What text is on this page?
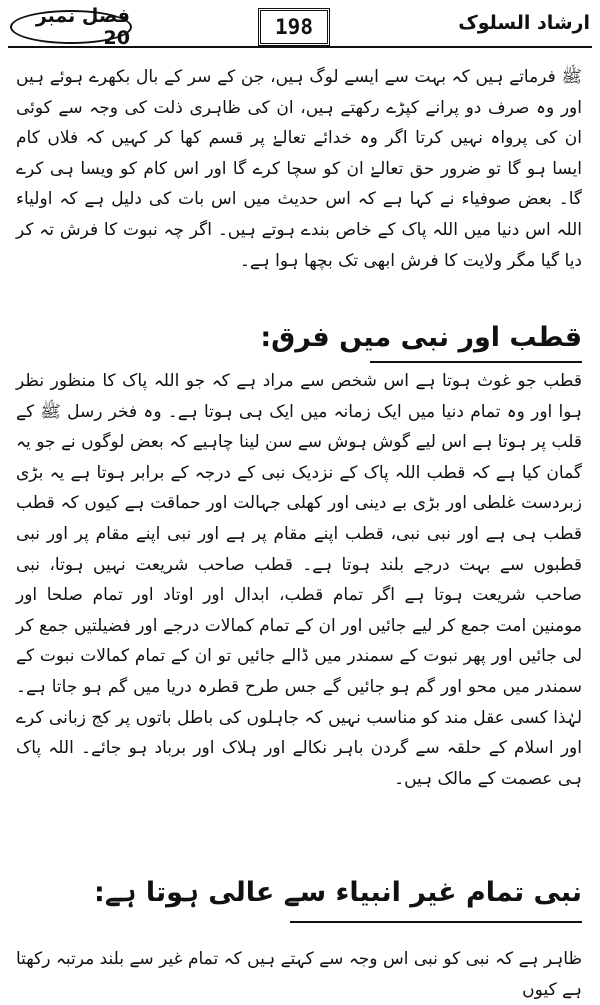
فصل نمبر 20	198	ارشاد السلوک

ﷺ فرماتے ہیں کہ بہت سے ایسے لوگ ہیں، جن کے سر کے بال بکھرے ہوئے ہیں اور وہ صرف دو پرانے کپڑے رکھتے ہیں، ان کی ظاہری ذلت کی وجہ سے کوئی ان کی پرواہ نہیں کرتا اگر وہ خدائے تعالےٰ پر قسم کھا کر کہیں کہ فلاں کام ایسا ہو گا تو ضرور حق تعالےٰ ان کو سچا کرے گا اور اس کام کو ویسا ہی کرے گا۔ بعض صوفیاء نے کہا ہے کہ اس حدیث میں اس بات کی دلیل ہے کہ اولیاء اللہ اس دنیا میں اللہ پاک کے خاص بندے ہوتے ہیں۔ اگر چہ نبوت کا فرش تہ کر دیا گیا مگر ولایت کا فرش ابھی تک بچھا ہوا ہے۔

قطب اور نبی میں فرق:

قطب جو غوث ہوتا ہے اس شخص سے مراد ہے کہ جو اللہ پاک کا منظور نظر ہوا اور وہ تمام دنیا میں ایک زمانہ میں ایک ہی ہوتا ہے۔ وہ فخر رسل ﷺ کے قلب پر ہوتا ہے اس لیے گوش ہوش سے سن لینا چاہیے کہ بعض لوگوں نے جو یہ گمان کیا ہے کہ قطب اللہ پاک کے نزدیک نبی کے درجہ کے برابر ہوتا ہے یہ بڑی زبردست غلطی اور بڑی بے دینی اور کھلی جہالت اور حماقت ہے کیوں کہ قطب قطب ہی ہے اور نبی نبی، قطب اپنے مقام پر ہے اور نبی اپنے مقام پر اور نبی قطبوں سے بہت درجے بلند ہوتا ہے۔ قطب صاحب شریعت نہیں ہوتا، نبی صاحب شریعت ہوتا ہے اگر تمام قطب، ابدال اور اوتاد اور تمام صلحا اور مومنین امت جمع کر لیے جائیں اور ان کے تمام کمالات درجے اور فضیلتیں جمع کر لی جائیں اور پھر نبوت کے سمندر میں ڈالے جائیں تو ان کے تمام کمالات نبوت کے سمندر میں محو اور گم ہو جائیں گے جس طرح قطرہ دریا میں گم ہو جاتا ہے۔ لہٰذا کسی عقل مند کو مناسب نہیں کہ جاہلوں کی باطل باتوں پر کج زبانی کرے اور اسلام کے حلقہ سے گردن باہر نکالے اور ہلاک اور برباد ہو جائے۔ اللہ پاک ہی عصمت کے مالک ہیں۔

نبی تمام غیر انبیاء سے عالی ہوتا ہے:

ظاہر ہے کہ نبی کو نبی اس وجہ سے کہتے ہیں کہ تمام غیر سے بلند مرتبہ رکھتا ہے کیوں
